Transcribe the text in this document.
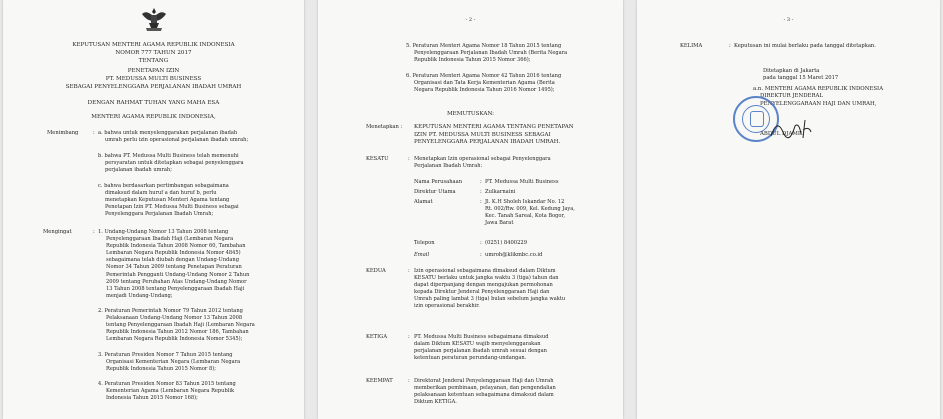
KEPUTUSAN MENTERI AGAMA REPUBLIK INDONESIA
NOMOR 777 TAHUN 2017
TENTANG
PENETAPAN IZIN
PT. MEDUSSA MULTI BUSINESS
SEBAGAI PENYELENGGARA PERJALANAN IBADAH UMRAH
DENGAN RAHMAT TUHAN YANG MAHA ESA
MENTERI AGAMA REPUBLIK INDONESIA,
Menimbang	: a. bahwa untuk menyelenggarakan perjalanan ibadah
umrah perlu izin operasional perjalanan ibadah umrah;
b. bahwa PT. Medussa Multi Business telah memenuhi
persyaratan untuk ditetapkan sebagai penyelenggara
perjalanan ibadah umrah;
c. bahwa berdasarkan pertimbangan sebagaimana
dimaksud dalam huruf a dan huruf b, perlu
menetapkan Keputusan Menteri Agama tentang
Penetapan Izin PT. Medussa Multi Business sebagai
Penyelenggara Perjalanan Ibadah Umrah;
Mengingat	: 1. Undang-Undang Nomor 13 Tahun 2008 tentang
Penyelenggaraan Ibadah Haji (Lembaran Negara
Republik Indonesia Tahun 2008 Nomor 60, Tambahan
Lembaran Negara Republik Indonesia Nomor 4845)
sebagaimana telah diubah dengan Undang-Undang
Nomor 34 Tahun 2009 tentang Penetapan Peraturan
Pemerintah Pengganti Undang-Undang Nomor 2 Tahun
2009 tentang Perubahan Atas Undang-Undang Nomor
13 Tahun 2008 tentang Penyelenggaraan Ibadah Haji
menjadi Undang-Undang;
2. Peraturan Pemerintah Nomor 79 Tahun 2012 tentang
Pelaksanaan Undang-Undang Nomor 13 Tahun 2008
tentang Penyelenggaraan Ibadah Haji (Lembaran Negara
Republik Indonesia Tahun 2012 Nomor 186, Tambahan
Lembaran Negara Republik Indonesia Nomor 5345);
3. Peraturan Presiden Nomor 7 Tahun 2015 tentang
Organisasi Kementerian Negara (Lembaran Negara
Republik Indonesia Tahun 2015 Nomor 8);
4. Peraturan Presiden Nomor 83 Tahun 2015 tentang
Kementerian Agama (Lembaran Negara Republik
Indonesia Tahun 2015 Nomor 168);
- 2 -
5. Peraturan Menteri Agama Nomor 18 Tahun 2015 tentang
Penyelenggaraan Perjalanan Ibadah Umrah (Berita Negara
Republik Indonesia Tahun 2015 Nomor 366);
6. Peraturan Menteri Agama Nomor 42 Tahun 2016 tentang
Organisasi dan Tata Kerja Kementerian Agama (Berita
Negara Republik Indonesia Tahun 2016 Nomor 1495);
MEMUTUSKAN:
Menetapkan : KEPUTUSAN MENTERI AGAMA TENTANG PENETAPAN
IZIN PT. MEDUSSA MULTI BUSINESS SEBAGAI
PENYELENGGARA PERJALANAN IBADAH UMRAH.
KESATU	: Menetapkan Izin operasional sebagai Penyelenggara
Perjalanan Ibadah Umrah:
Nama Perusahaan	: PT. Medussa Multi Business
Direktur Utama	: Zulkarnaini
Alamat	: Jl. K.H Sholeh Iskandar No. 12
Rt. 002/Rw. 009, Kel. Kedung Jaya,
Kec. Tanah Sareal, Kota Bogor,
Jawa Barat
Telepon	: (0251) 8400229
Email	: umroh@klikmbc.co.id
KEDUA	: Izin operasional sebagaimana dimaksud dalam Diktum
KESATU berlaku untuk jangka waktu 3 (tiga) tahun dan
dapat diperpanjang dengan mengajukan permohonan
kepada Direktur Jenderal Penyelenggaraan Haji dan
Umrah paling lambat 3 (tiga) bulan sebelum jangka waktu
izin operasional berakhir.
KETIGA	: PT. Medussa Multi Business sebagaimana dimaksud
dalam Diktum KESATU wajib menyelenggarakan
perjalanan perjalanan ibadah umrah sesuai dengan
ketentuan peraturan perundang-undangan.
KEEMPAT	: Direktorat Jenderal Penyelenggaraan Haji dan Umrah
memberikan pembinaan, pelayanan, dan pengendalian
pelaksanaan ketentuan sebagaimana dimaksud dalam
Diktum KETIGA.
- 3 -
KELIMA	: Keputusan ini mulai berlaku pada tanggal ditetapkan.
Ditetapkan di Jakarta
pada tanggal 15 Maret 2017
a.n. MENTERI AGAMA REPUBLIK INDONESIA
DIREKTUR JENDERAL
PENYELENGGARAAN HAJI DAN UMRAH,
ABDUL DJAMIL
